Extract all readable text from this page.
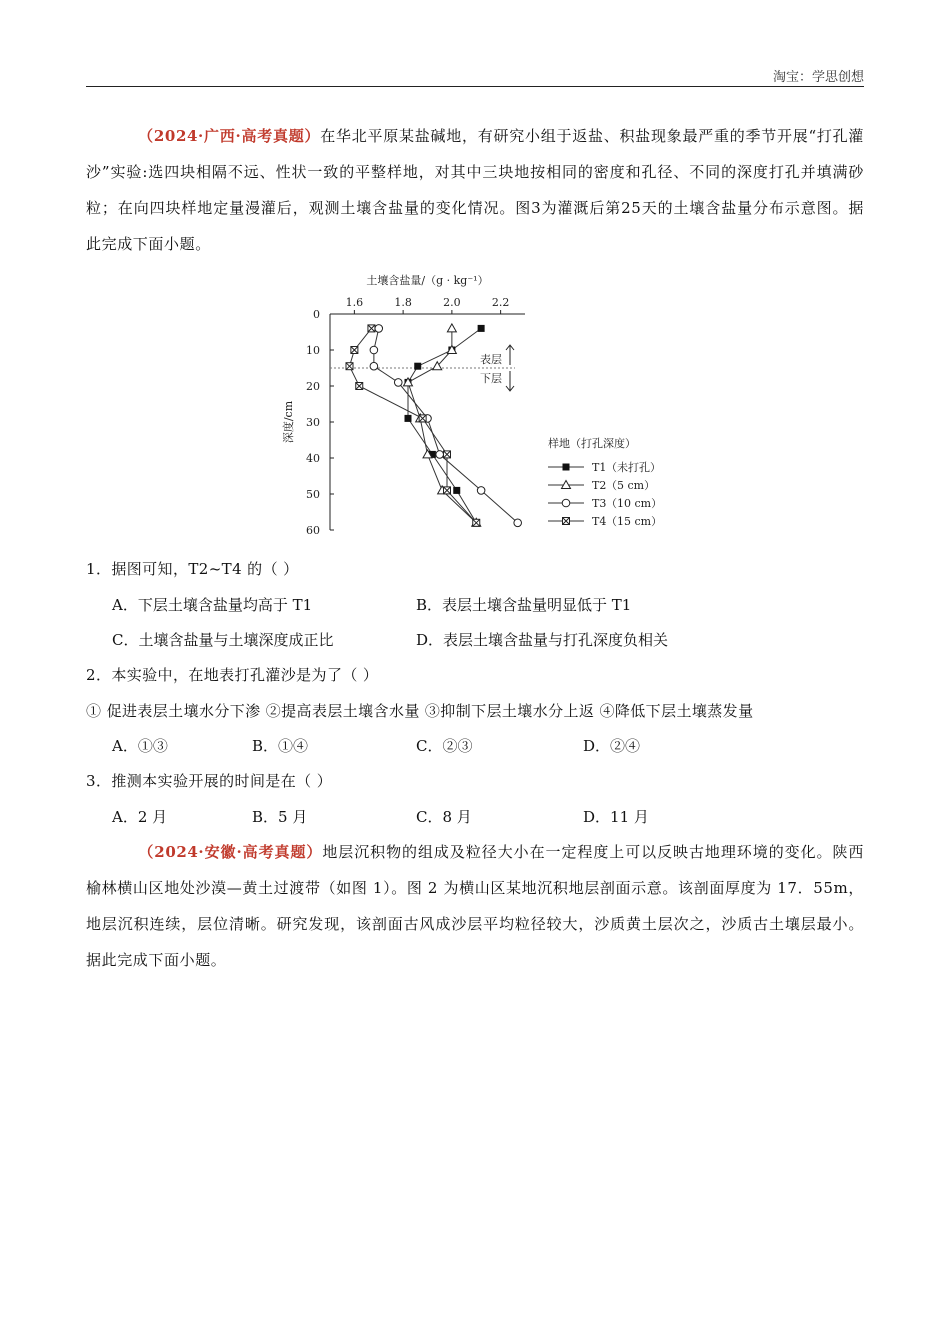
淘宝：学思创想
（2024·广西·高考真题）在华北平原某盐碱地，有研究小组于返盐、积盐现象最严重的季节开展“打孔灌沙”实验:选四块相隔不远、性状一致的平整样地，对其中三块地按相同的密度和孔径、不同的深度打孔并填满砂粒；在向四块样地定量漫灌后，观测土壤含盐量的变化情况。图3为灌溉后第25天的土壤含盐量分布示意图。据此完成下面小题。
土壤含盐量/（g · kg⁻¹）
1.6	1.8	2.0	2.2
0
10
20
30
40
50
60
深度/cm
表层
下层
样地（打孔深度）
T1 （未打孔）
T2 （5 cm）
T3 （10 cm）
T4 （15 cm）
1．据图可知，T2~T4 的（ ）
A．下层土壤含盐量均高于 T1	B．表层土壤含盐量明显低于 T1
C．土壤含盐量与土壤深度成正比	D．表层土壤含盐量与打孔深度负相关
2．本实验中，在地表打孔灌沙是为了（ ）
① 促进表层土壤水分下渗 ②提高表层土壤含水量 ③抑制下层土壤水分上返 ④降低下层土壤蒸发量
A．①③	B．①④	C．②③	D．②④
3．推测本实验开展的时间是在（ ）
A．2 月	B．5 月	C．8 月	D．11 月
（2024·安徽·高考真题）地层沉积物的组成及粒径大小在一定程度上可以反映古地理环境的变化。陕西榆林横山区地处沙漠—黄土过渡带（如图 1）。图 2 为横山区某地沉积地层剖面示意。该剖面厚度为 17．55m，地层沉积连续，层位清晰。研究发现，该剖面古风成沙层平均粒径较大，沙质黄土层次之，沙质古土壤层最小。据此完成下面小题。
